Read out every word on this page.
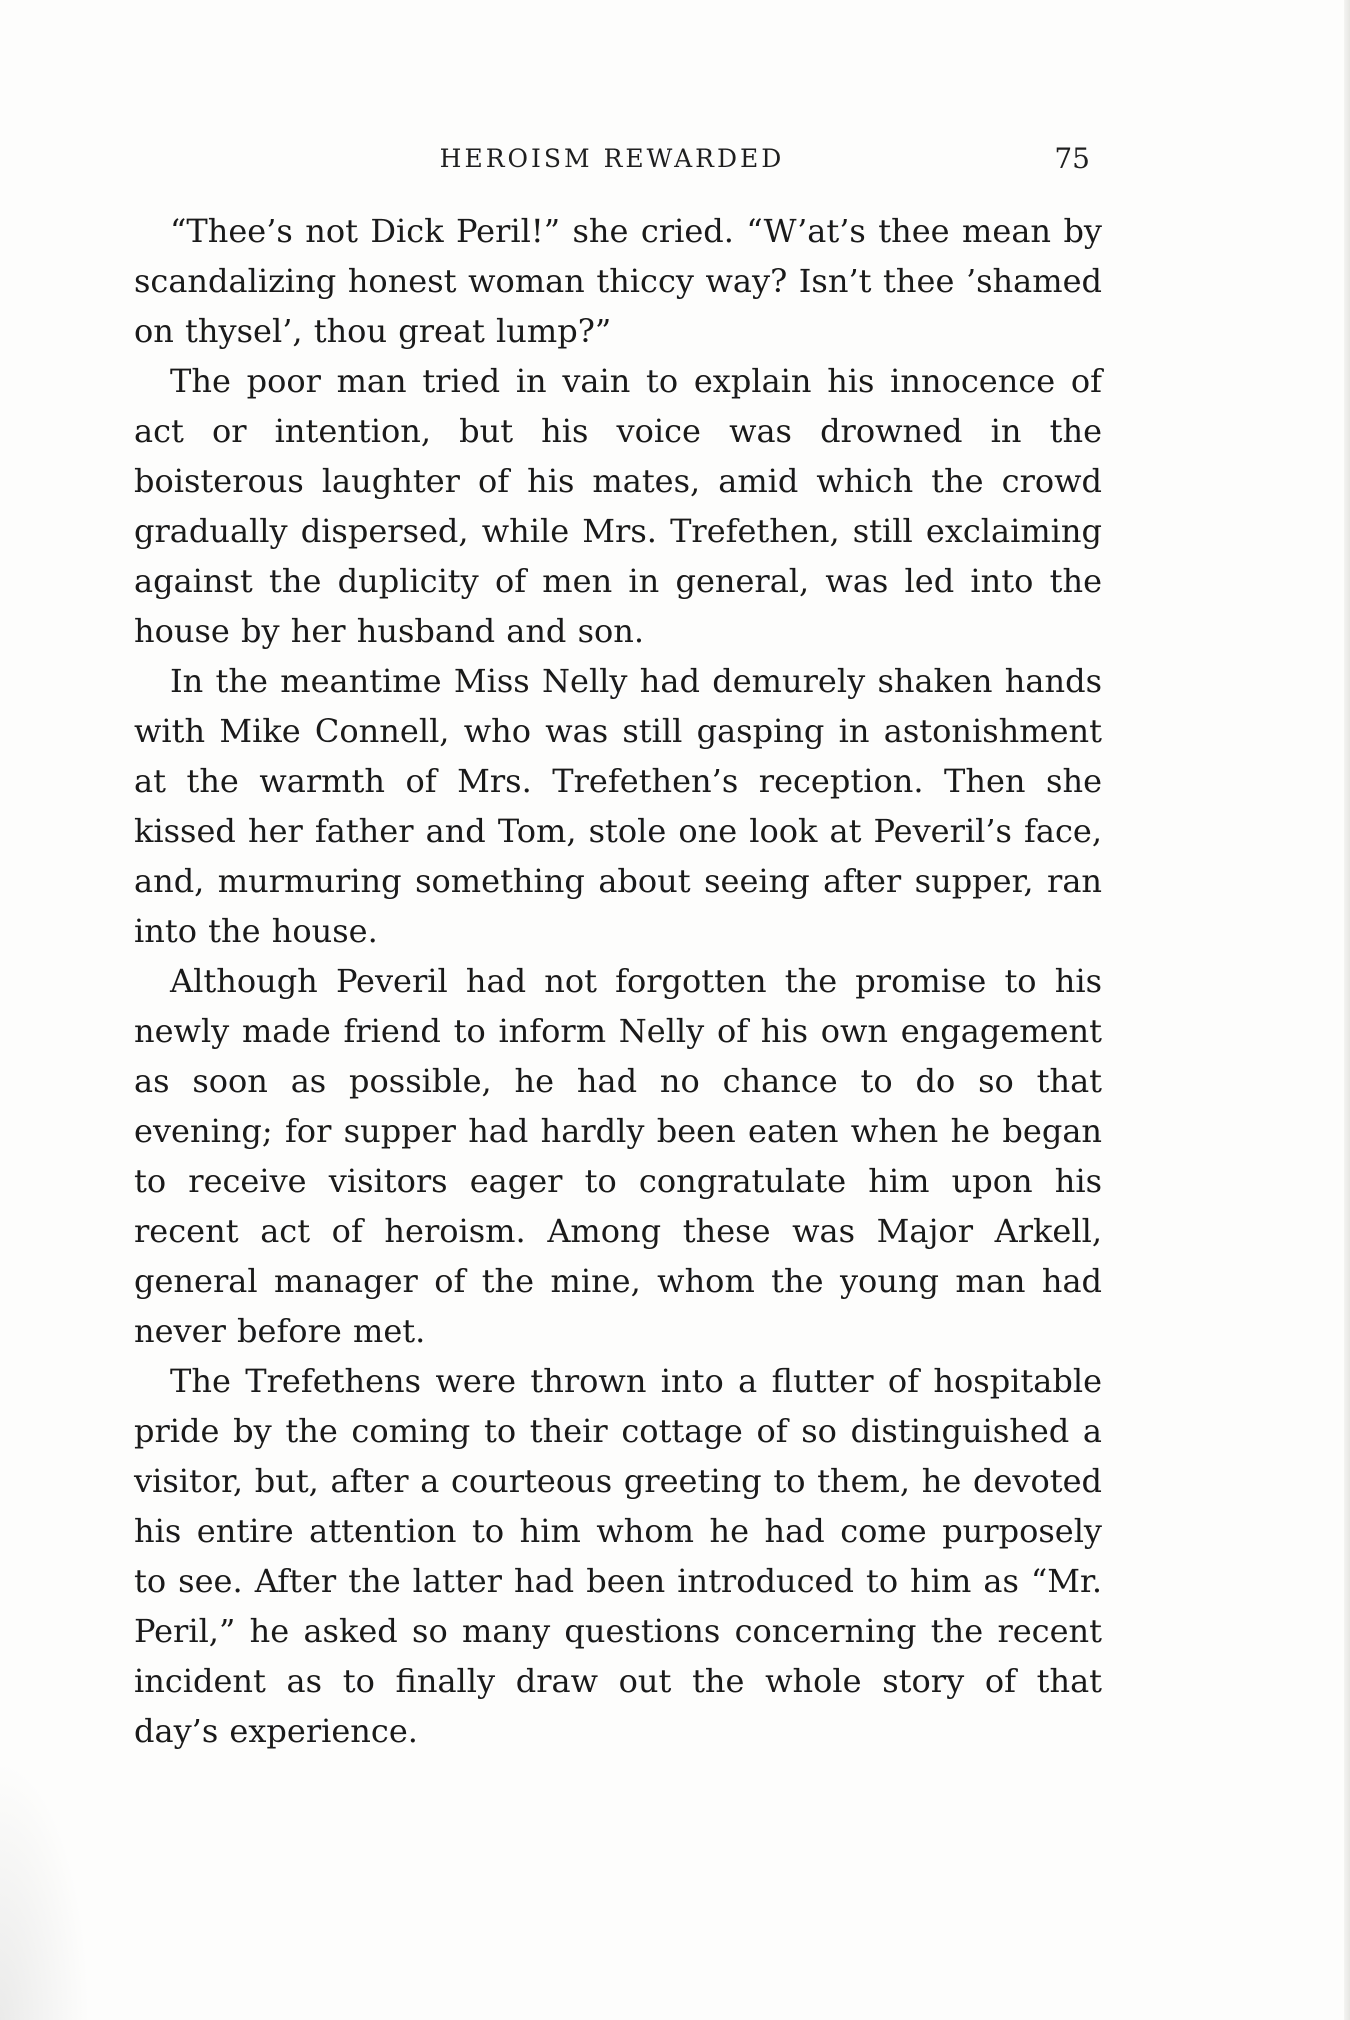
HEROISM REWARDED	75

“Thee’s not Dick Peril!” she cried. “W’at’s thee mean by scandalizing honest woman thiccy way? Isn’t thee ’shamed on thysel’, thou great lump?”

The poor man tried in vain to explain his innocence of act or intention, but his voice was drowned in the boisterous laughter of his mates, amid which the crowd gradually dispersed, while Mrs. Trefethen, still exclaiming against the duplicity of men in general, was led into the house by her husband and son.

In the meantime Miss Nelly had demurely shaken hands with Mike Connell, who was still gasping in astonishment at the warmth of Mrs. Trefethen’s reception. Then she kissed her father and Tom, stole one look at Peveril’s face, and, murmuring something about seeing after supper, ran into the house.

Although Peveril had not forgotten the promise to his newly made friend to inform Nelly of his own engagement as soon as possible, he had no chance to do so that evening; for supper had hardly been eaten when he began to receive visitors eager to congratulate him upon his recent act of heroism. Among these was Major Arkell, general manager of the mine, whom the young man had never before met.

The Trefethens were thrown into a flutter of hospitable pride by the coming to their cottage of so distinguished a visitor, but, after a courteous greeting to them, he devoted his entire attention to him whom he had come purposely to see. After the latter had been introduced to him as “Mr. Peril,” he asked so many questions concerning the recent incident as to finally draw out the whole story of that day’s experience.
